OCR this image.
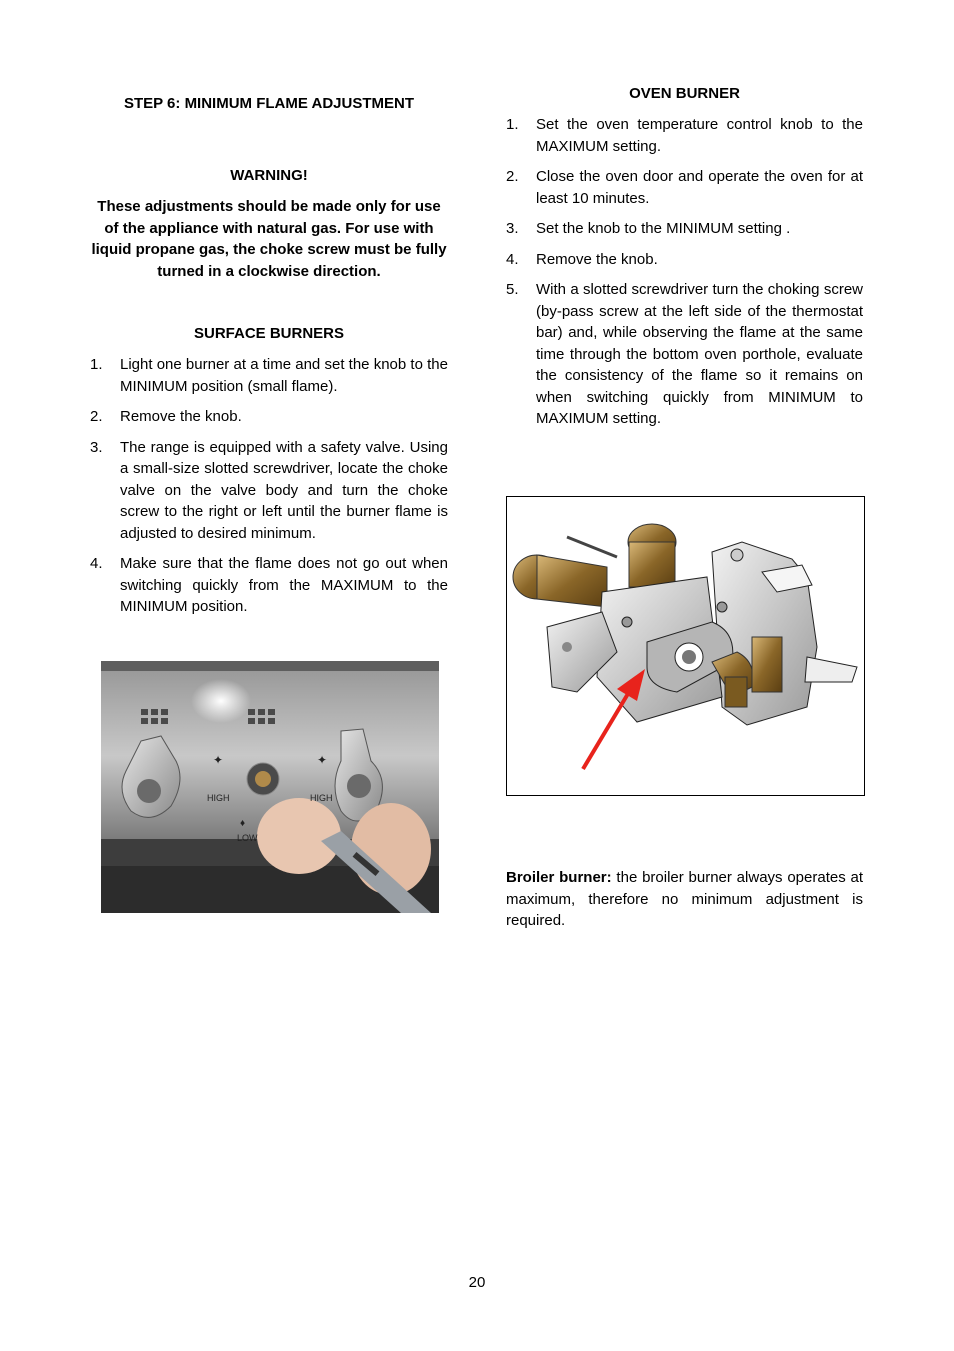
STEP 6: MINIMUM FLAME ADJUSTMENT
WARNING!

These adjustments should be made only for use of the appliance with natural gas. For use with liquid propane gas, the choke screw must be fully turned in a clockwise direction.

SURFACE BURNERS
1.	Light one burner at a time and set the knob to the MINIMUM position (small flame).
2.	Remove the knob.
3.	The range is equipped with a safety valve. Using a small-size slotted screwdriver, locate the choke valve on the valve body and turn the choke screw to the right or left until the burner flame is adjusted to desired minimum.
4.	Make sure that the flame does not go out when switching quickly from the MAXIMUM to the MINIMUM position.
HIGH	HIGH
LOW
✦	✦
♦
OVEN BURNER
1.	Set the oven temperature control knob to the MAXIMUM setting.
2.	Close the oven door and operate the oven for at least 10 minutes.
3.	Set the knob to the MINIMUM setting .
4.	Remove the knob.
5.	With a slotted screwdriver turn the choking screw (by-pass screw at the left side of the thermostat bar) and, while observing the flame at the same time through the bottom oven porthole, evaluate the consistency of the flame so it remains on when switching quickly from MINIMUM to MAXIMUM setting.

Broiler burner: the broiler burner always operates at maximum, therefore no minimum adjustment is required.

20
